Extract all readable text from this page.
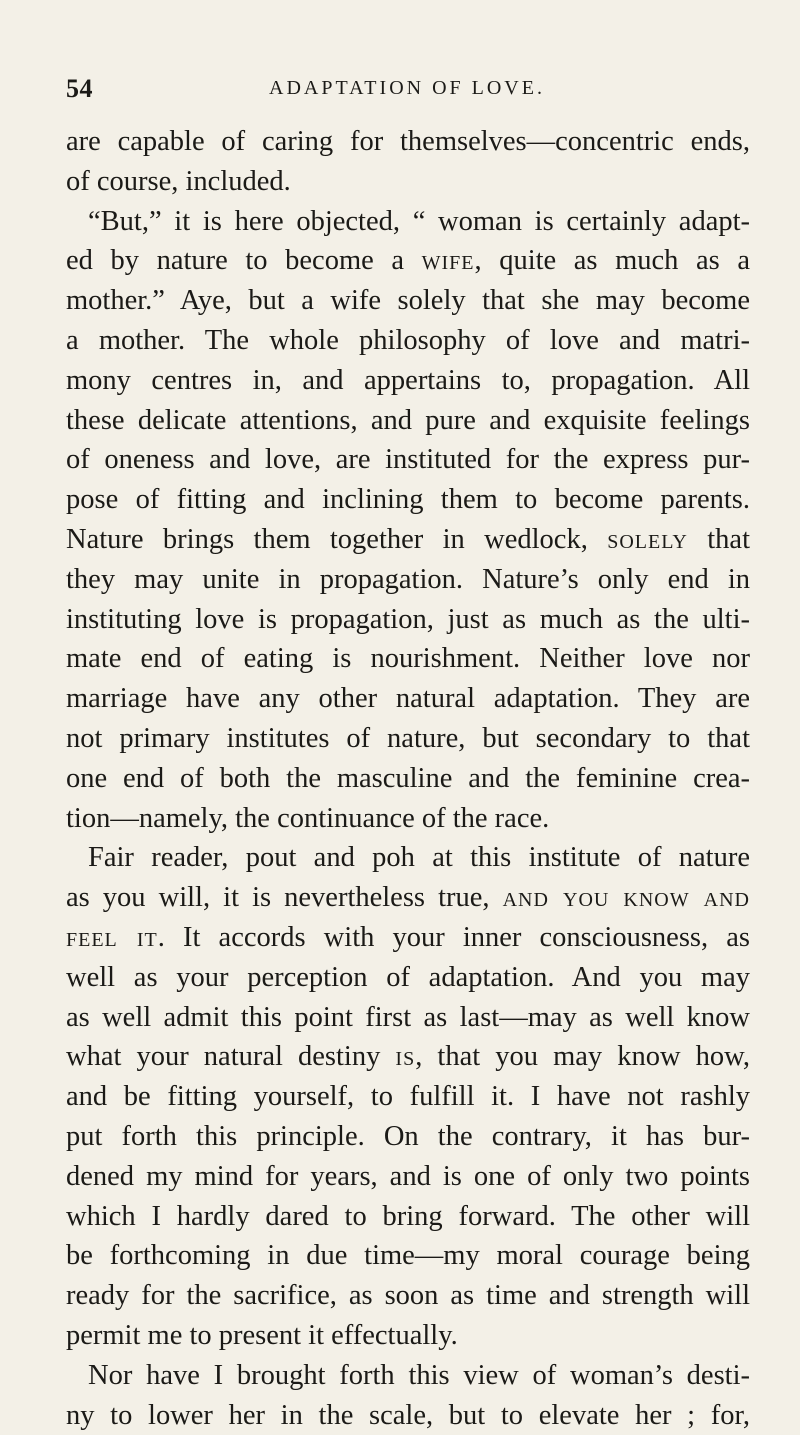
54	ADAPTATION OF LOVE.
are capable of caring for themselves—concentric ends,
of course, included.
“But,” it is here objected, “ woman is certainly adapt-
ed by nature to become a wife, quite as much as a
mother.” Aye, but a wife solely that she may become
a mother. The whole philosophy of love and matri-
mony centres in, and appertains to, propagation. All
these delicate attentions, and pure and exquisite feelings
of oneness and love, are instituted for the express pur-
pose of fitting and inclining them to become parents.
Nature brings them together in wedlock, solely that
they may unite in propagation. Nature’s only end in
instituting love is propagation, just as much as the ulti-
mate end of eating is nourishment. Neither love nor
marriage have any other natural adaptation. They are
not primary institutes of nature, but secondary to that
one end of both the masculine and the feminine crea-
tion—namely, the continuance of the race.
Fair reader, pout and poh at this institute of nature
as you will, it is nevertheless true, and you know and
feel it. It accords with your inner consciousness, as
well as your perception of adaptation. And you may
as well admit this point first as last—may as well know
what your natural destiny is, that you may know how,
and be fitting yourself, to fulfill it. I have not rashly
put forth this principle. On the contrary, it has bur-
dened my mind for years, and is one of only two points
which I hardly dared to bring forward. The other will
be forthcoming in due time—my moral courage being
ready for the sacrifice, as soon as time and strength will
permit me to present it effectually.
Nor have I brought forth this view of woman’s desti-
ny to lower her in the scale, but to elevate her ; for,
